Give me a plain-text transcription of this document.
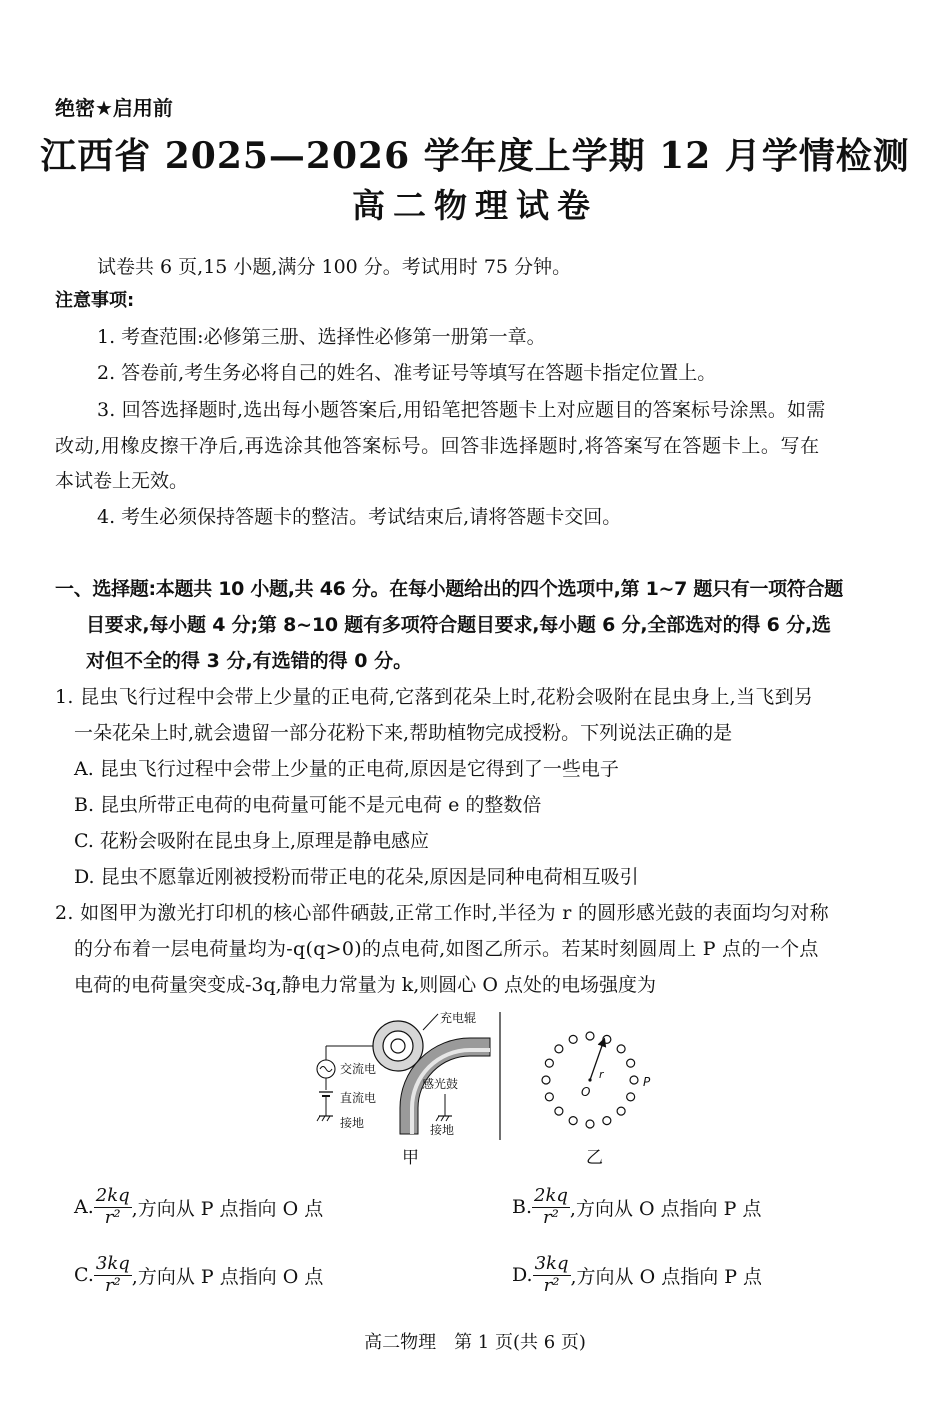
绝密★启用前
江西省 2025—2026 学年度上学期 12 月学情检测
高二物理试卷
试卷共 6 页,15 小题,满分 100 分。考试用时 75 分钟。
注意事项:
1. 考查范围:必修第三册、选择性必修第一册第一章。
2. 答卷前,考生务必将自己的姓名、准考证号等填写在答题卡指定位置上。
3. 回答选择题时,选出每小题答案后,用铅笔把答题卡上对应题目的答案标号涂黑。如需
改动,用橡皮擦干净后,再选涂其他答案标号。回答非选择题时,将答案写在答题卡上。写在
本试卷上无效。
4. 考生必须保持答题卡的整洁。考试结束后,请将答题卡交回。
一、选择题:本题共 10 小题,共 46 分。在每小题给出的四个选项中,第 1~7 题只有一项符合题
目要求,每小题 4 分;第 8~10 题有多项符合题目要求,每小题 6 分,全部选对的得 6 分,选
对但不全的得 3 分,有选错的得 0 分。
1. 昆虫飞行过程中会带上少量的正电荷,它落到花朵上时,花粉会吸附在昆虫身上,当飞到另
一朵花朵上时,就会遗留一部分花粉下来,帮助植物完成授粉。下列说法正确的是
A. 昆虫飞行过程中会带上少量的正电荷,原因是它得到了一些电子
B. 昆虫所带正电荷的电荷量可能不是元电荷 e 的整数倍
C. 花粉会吸附在昆虫身上,原理是静电感应
D. 昆虫不愿靠近刚被授粉而带正电的花朵,原因是同种电荷相互吸引
2. 如图甲为激光打印机的核心部件硒鼓,正常工作时,半径为 r 的圆形感光鼓的表面均匀对称
的分布着一层电荷量均为-q(q>0)的点电荷,如图乙所示。若某时刻圆周上 P 点的一个点
电荷的电荷量突变成-3q,静电力常量为 k,则圆心 O 点处的电场强度为
充电辊
感光鼓
接地
交流电
直流电
接地
甲
r
O
P
乙
A. $\frac{2kq}{\text{r²}}$ ,方向从 P 点指向 O 点	B. $\frac{2kq}{\text{r²}}$ ,方向从 O 点指向 P 点
C. $\frac{3kq}{\text{r²}}$ ,方向从 P 点指向 O 点	D. $\frac{3kq}{\text{r²}}$ ,方向从 O 点指向 P 点
高二物理　第 1 页(共 6 页)
